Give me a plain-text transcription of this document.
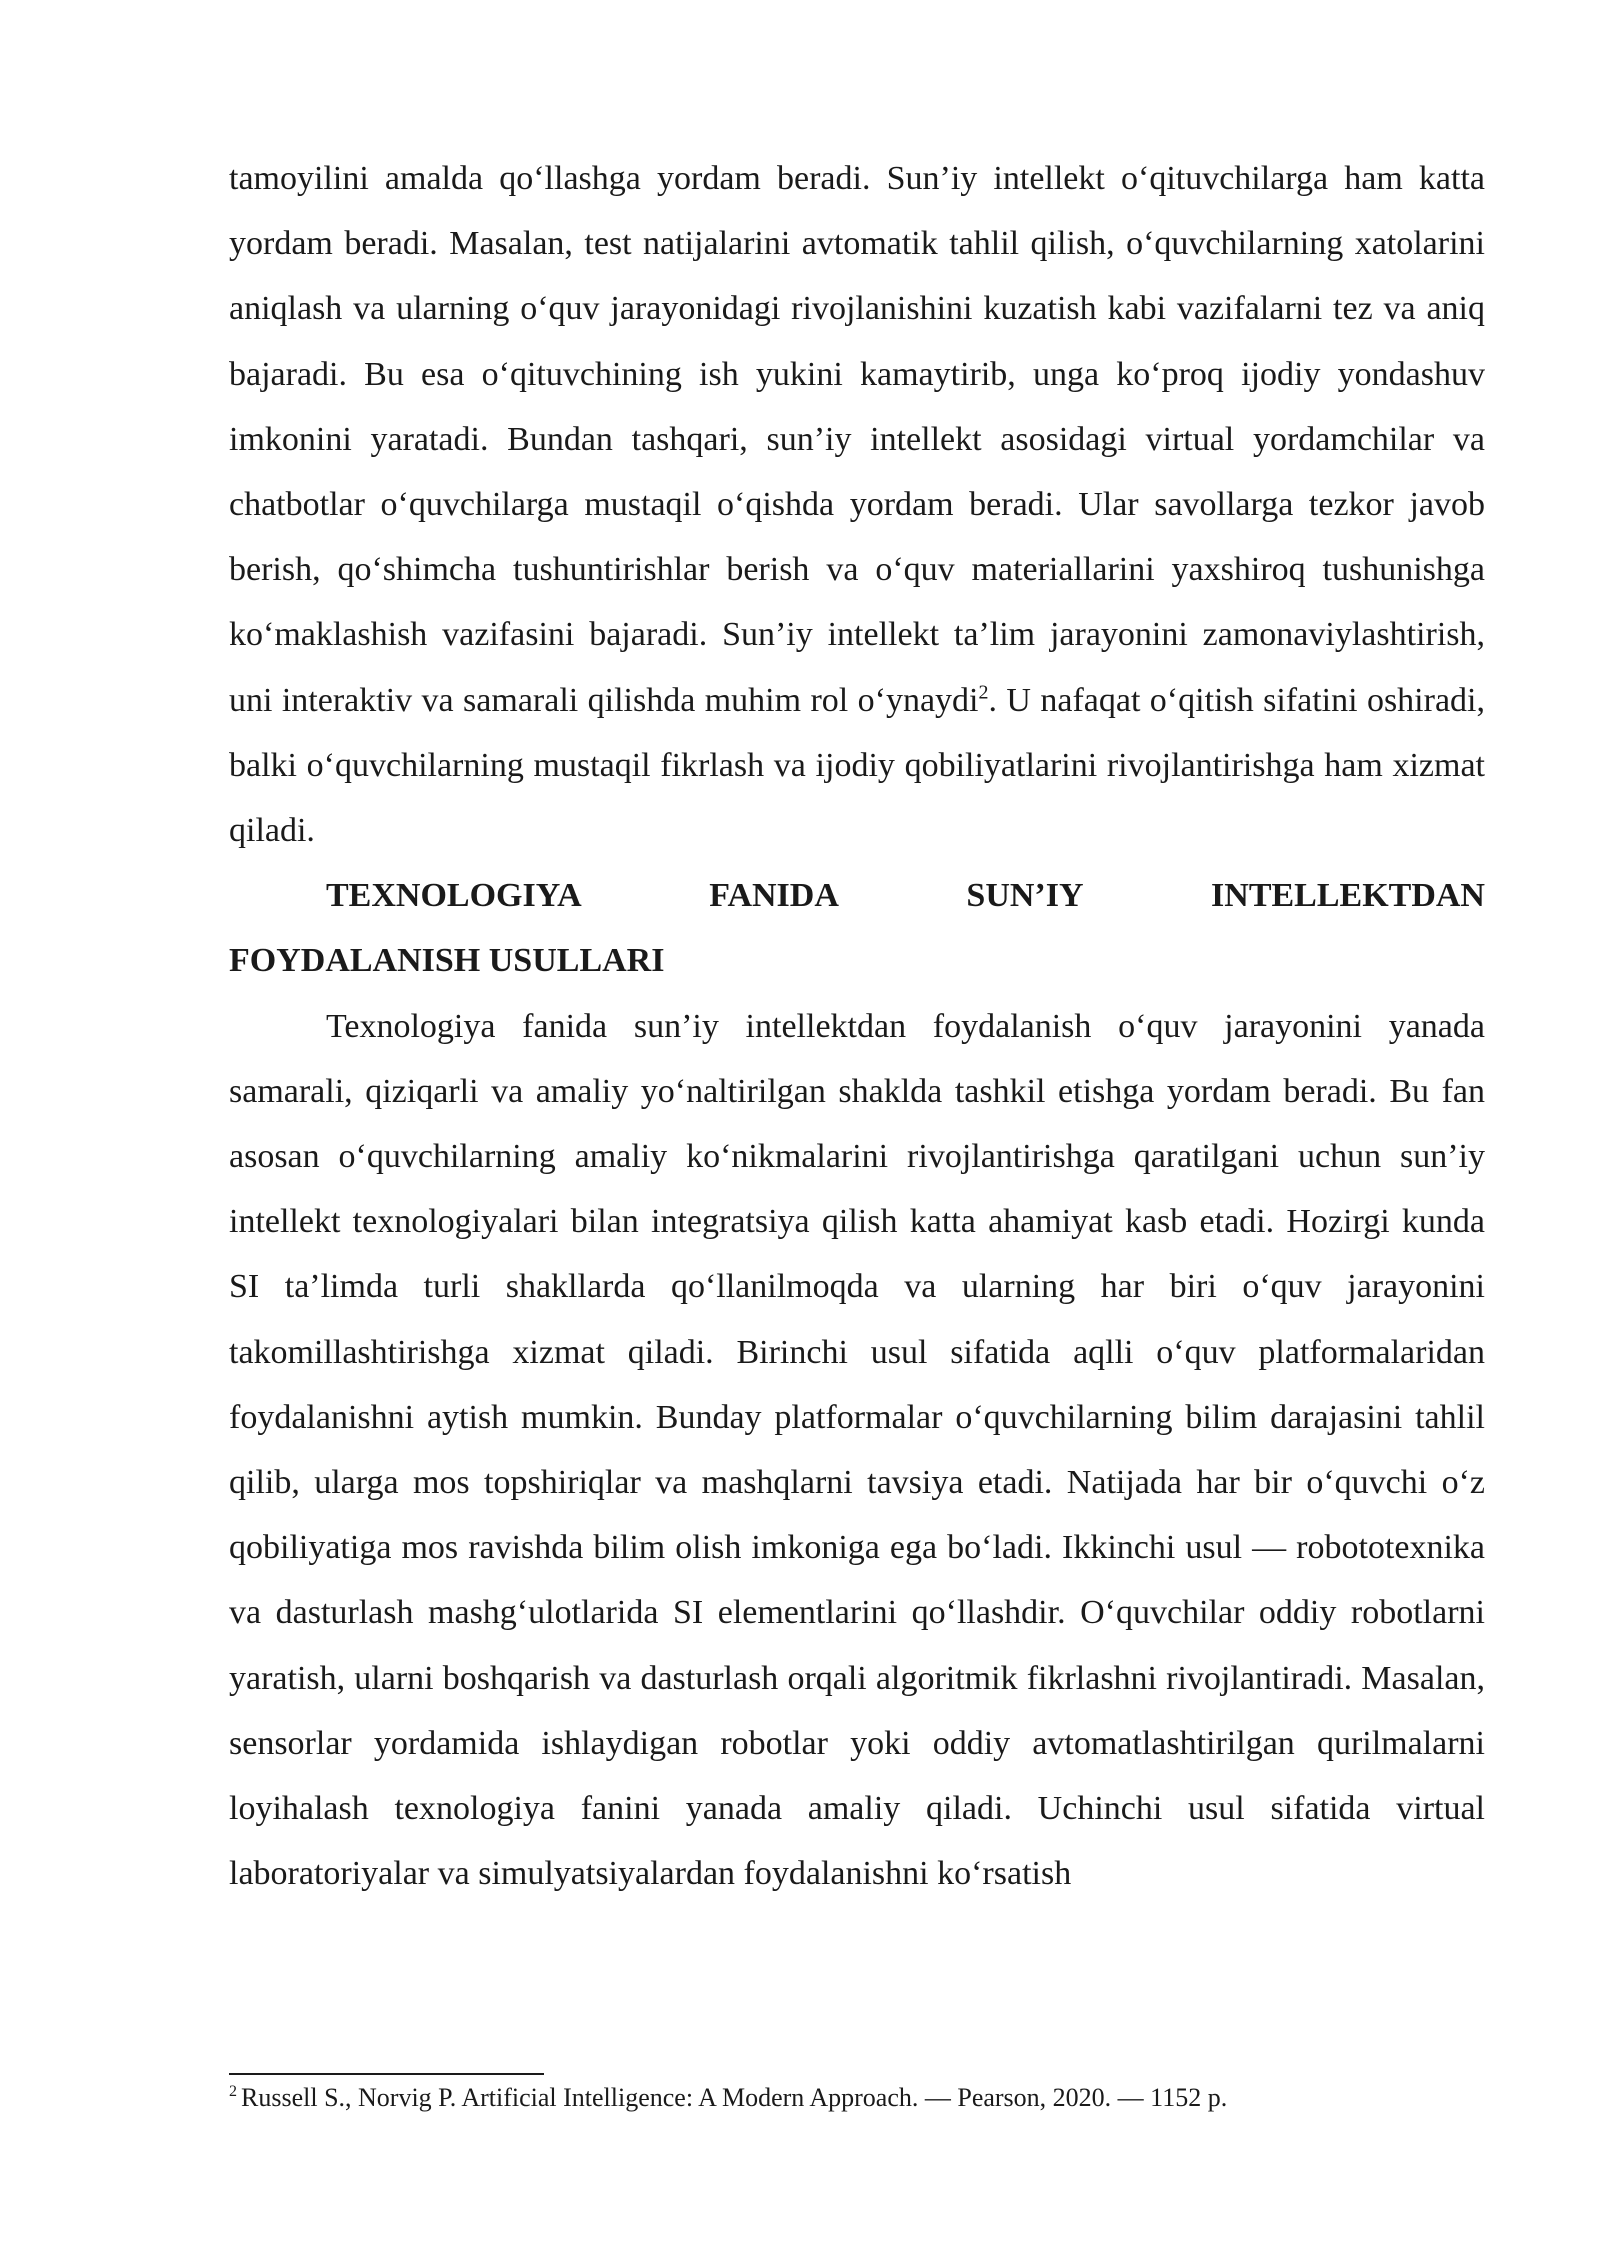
tamoyilini amalda qo‘llashga yordam beradi. Sun’iy intellekt o‘qituvchilarga ham katta yordam beradi. Masalan, test natijalarini avtomatik tahlil qilish, o‘quvchilarning xatolarini aniqlash va ularning o‘quv jarayonidagi rivojlanishini kuzatish kabi vazifalarni tez va aniq bajaradi. Bu esa o‘qituvchining ish yukini kamaytirib, unga ko‘proq ijodiy yondashuv imkonini yaratadi. Bundan tashqari, sun’iy intellekt asosidagi virtual yordamchilar va chatbotlar o‘quvchilarga mustaqil o‘qishda yordam beradi. Ular savollarga tezkor javob berish, qo‘shimcha tushuntirishlar berish va o‘quv materiallarini yaxshiroq tushunishga ko‘maklashish vazifasini bajaradi. Sun’iy intellekt ta’lim jarayonini zamonaviylashtirish, uni interaktiv va samarali qilishda muhim rol o‘ynaydi$^2$. U nafaqat o‘qitish sifatini oshiradi, balki o‘quvchilarning mustaqil fikrlash va ijodiy qobiliyatlarini rivojlantirishga ham xizmat qiladi.

TEXNOLOGIYA	FANIDA	SUN’IY	INTELLEKTDAN
FOYDALANISH USULLARI

Texnologiya fanida sun’iy intellektdan foydalanish o‘quv jarayonini yanada samarali, qiziqarli va amaliy yo‘naltirilgan shaklda tashkil etishga yordam beradi. Bu fan asosan o‘quvchilarning amaliy ko‘nikmalarini rivojlantirishga qaratilgani uchun sun’iy intellekt texnologiyalari bilan integratsiya qilish katta ahamiyat kasb etadi. Hozirgi kunda SI ta’limda turli shakllarda qo‘llanilmoqda va ularning har biri o‘quv jarayonini takomillashtirishga xizmat qiladi. Birinchi usul sifatida aqlli o‘quv platformalaridan foydalanishni aytish mumkin. Bunday platformalar o‘quvchilarning bilim darajasini tahlil qilib, ularga mos topshiriqlar va mashqlarni tavsiya etadi. Natijada har bir o‘quvchi o‘z qobiliyatiga mos ravishda bilim olish imkoniga ega bo‘ladi. Ikkinchi usul — robototexnika va dasturlash mashg‘ulotlarida SI elementlarini qo‘llashdir. O‘quvchilar oddiy robotlarni yaratish, ularni boshqarish va dasturlash orqali algoritmik fikrlashni rivojlantiradi. Masalan, sensorlar yordamida ishlaydigan robotlar yoki oddiy avtomatlashtirilgan qurilmalarni loyihalash texnologiya fanini yanada amaliy qiladi. Uchinchi usul sifatida virtual laboratoriyalar va simulyatsiyalardan foydalanishni ko‘rsatish

$^2$ Russell S., Norvig P. Artificial Intelligence: A Modern Approach. — Pearson, 2020. — 1152 p.
